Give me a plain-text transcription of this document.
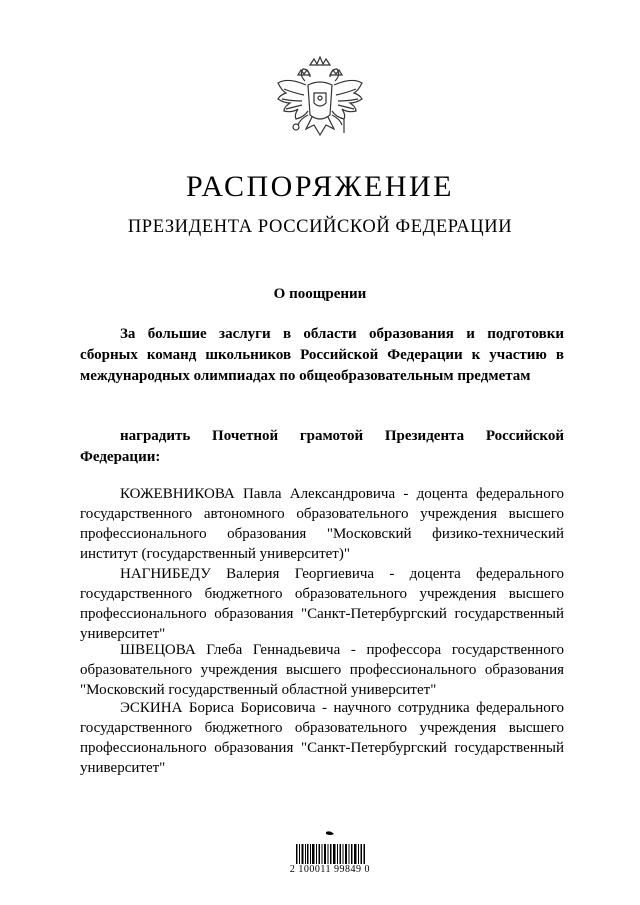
РАСПОРЯЖЕНИЕ
ПРЕЗИДЕНТА РОССИЙСКОЙ ФЕДЕРАЦИИ
О поощрении

За большие заслуги в области образования и подготовки сборных команд школьников Российской Федерации к участию в международных олимпиадах по общеобразовательным предметам

наградить Почетной грамотой Президента Российской Федерации:

КОЖЕВНИКОВА Павла Александровича - доцента федерального государственного автономного образовательного учреждения высшего профессионального образования "Московский физико-технический институт (государственный университет)"

НАГНИБЕДУ Валерия Георгиевича - доцента федерального государственного бюджетного образовательного учреждения высшего профессионального образования "Санкт-Петербургский государственный университет"

ШВЕЦОВА Глеба Геннадьевича - профессора государственного образовательного учреждения высшего профессионального образования "Московский государственный областной университет"

ЭСКИНА Бориса Борисовича - научного сотрудника федерального государственного бюджетного образовательного учреждения высшего профессионального образования "Санкт-Петербургский государственный университет"

2 100011 99849 0
